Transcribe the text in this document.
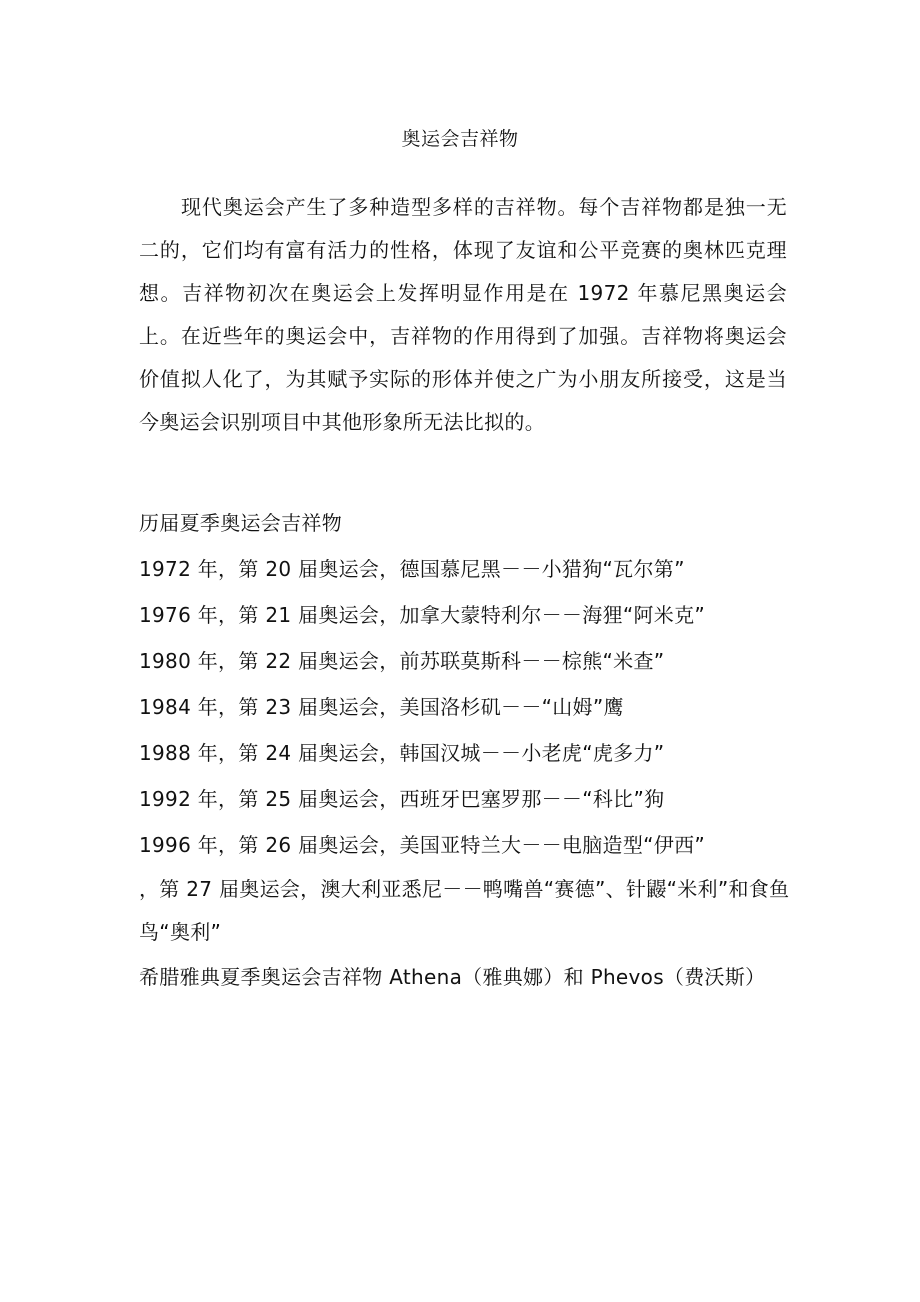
奥运会吉祥物

现代奥运会产生了多种造型多样的吉祥物。每个吉祥物都是独一无二的，它们均有富有活力的性格，体现了友谊和公平竞赛的奥林匹克理想。吉祥物初次在奥运会上发挥明显作用是在 1972 年慕尼黑奥运会上。在近些年的奥运会中，吉祥物的作用得到了加强。吉祥物将奥运会价值拟人化了，为其赋予实际的形体并使之广为小朋友所接受，这是当今奥运会识别项目中其他形象所无法比拟的。

历届夏季奥运会吉祥物
1972 年，第 20 届奥运会，德国慕尼黑－－小猎狗“瓦尔第”
1976 年，第 21 届奥运会，加拿大蒙特利尔－－海狸“阿米克”
1980 年，第 22 届奥运会，前苏联莫斯科－－棕熊“米查”
1984 年，第 23 届奥运会，美国洛杉矶－－“山姆”鹰
1988 年，第 24 届奥运会，韩国汉城－－小老虎“虎多力”
1992 年，第 25 届奥运会，西班牙巴塞罗那－－“科比”狗
1996 年，第 26 届奥运会，美国亚特兰大－－电脑造型“伊西”
，第 27 届奥运会，澳大利亚悉尼－－鸭嘴兽“赛德”、针鼹“米利”和食鱼鸟“奥利”
希腊雅典夏季奥运会吉祥物 Athena（雅典娜）和 Phevos（费沃斯）
